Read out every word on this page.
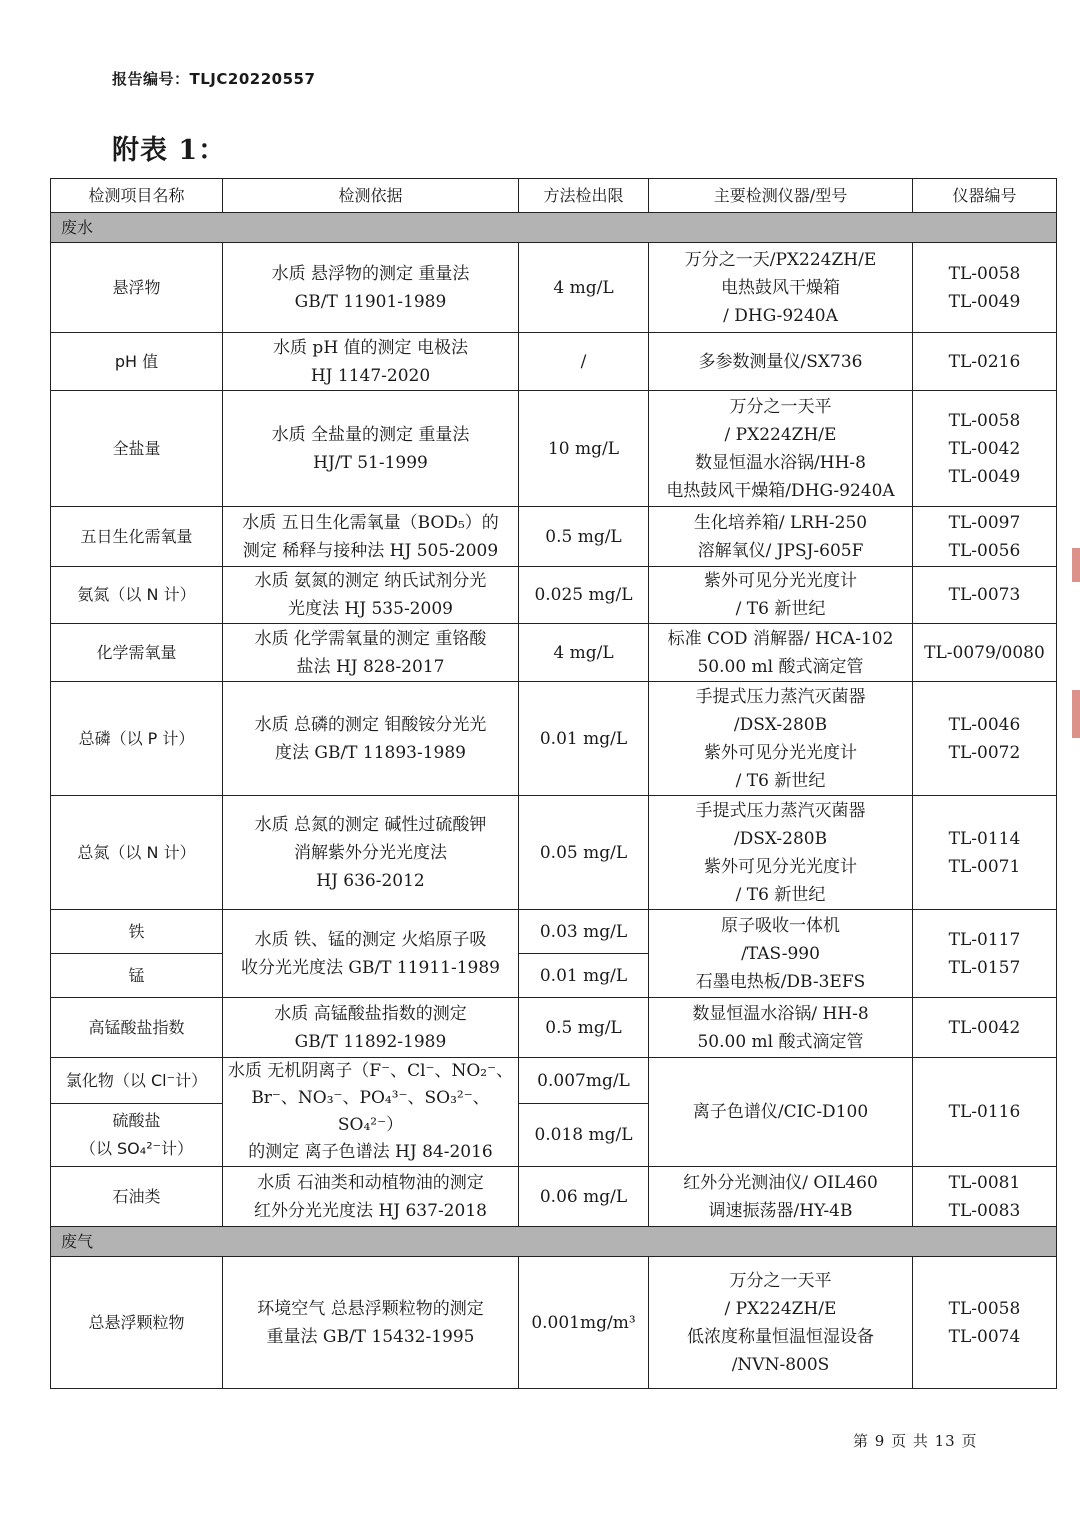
报告编号：TLJC20220557
附表 1：
检测项目名称	检测依据	方法检出限	主要检测仪器/型号	仪器编号
废水				
悬浮物	水质 悬浮物的测定 重量法
GB/T 11901-1989	4 mg/L	万分之一天/PX224ZH/E
电热鼓风干燥箱
/ DHG-9240A	TL-0058
TL-0049

pH 值	水质 pH 值的测定 电极法
HJ 1147-2020	/	多参数测量仪/SX736	TL-0216

全盐量	水质 全盐量的测定 重量法
HJ/T 51-1999	10 mg/L	万分之一天平
/ PX224ZH/E
数显恒温水浴锅/HH-8
电热鼓风干燥箱/DHG-9240A	TL-0058
TL-0042
TL-0049

五日生化需氧量	水质 五日生化需氧量（BOD₅）的
测定 稀释与接种法 HJ 505-2009	0.5 mg/L	生化培养箱/ LRH-250
溶解氧仪/ JPSJ-605F	TL-0097
TL-0056

氨氮（以 N 计）	水质 氨氮的测定 纳氏试剂分光
光度法 HJ 535-2009	0.025 mg/L	紫外可见分光光度计
/ T6 新世纪	TL-0073

化学需氧量	水质 化学需氧量的测定 重铬酸
盐法 HJ 828-2017	4 mg/L	标准 COD 消解器/ HCA-102
50.00 ml 酸式滴定管	TL-0079/0080

总磷（以 P 计）	水质 总磷的测定 钼酸铵分光光
度法 GB/T 11893-1989	0.01 mg/L	手提式压力蒸汽灭菌器
/DSX-280B
紫外可见分光光度计
/ T6 新世纪	TL-0046
TL-0072

总氮（以 N 计）	水质 总氮的测定 碱性过硫酸钾
消解紫外分光光度法
HJ 636-2012	0.05 mg/L	手提式压力蒸汽灭菌器
/DSX-280B
紫外可见分光光度计
/ T6 新世纪	TL-0114
TL-0071

铁	水质 铁、锰的测定 火焰原子吸
收分光光度法 GB/T 11911-1989	0.03 mg/L	原子吸收一体机
/TAS-990
石墨电热板/DB-3EFS	TL-0117
TL-0157

锰		0.01 mg/L		
高锰酸盐指数	水质 高锰酸盐指数的测定
GB/T 11892-1989	0.5 mg/L	数显恒温水浴锅/ HH-8
50.00 ml 酸式滴定管	TL-0042

氯化物（以 Cl⁻计）	水质 无机阴离子（F⁻、Cl⁻、NO₂⁻、
Br⁻、NO₃⁻、PO₄³⁻、SO₃²⁻、SO₄²⁻）
的测定 离子色谱法 HJ 84-2016	0.007mg/L	离子色谱仪/CIC-D100	TL-0116

硫酸盐
（以 SO₄²⁻计）		0.018 mg/L		
石油类	水质 石油类和动植物油的测定
红外分光光度法 HJ 637-2018	0.06 mg/L	红外分光测油仪/ OIL460
调速振荡器/HY-4B	TL-0081
TL-0083

废气				
总悬浮颗粒物	环境空气 总悬浮颗粒物的测定
重量法 GB/T 15432-1995	0.001mg/m³	万分之一天平
/ PX224ZH/E
低浓度称量恒温恒湿设备
/NVN-800S	TL-0058
TL-0074
第 9 页 共 13 页
